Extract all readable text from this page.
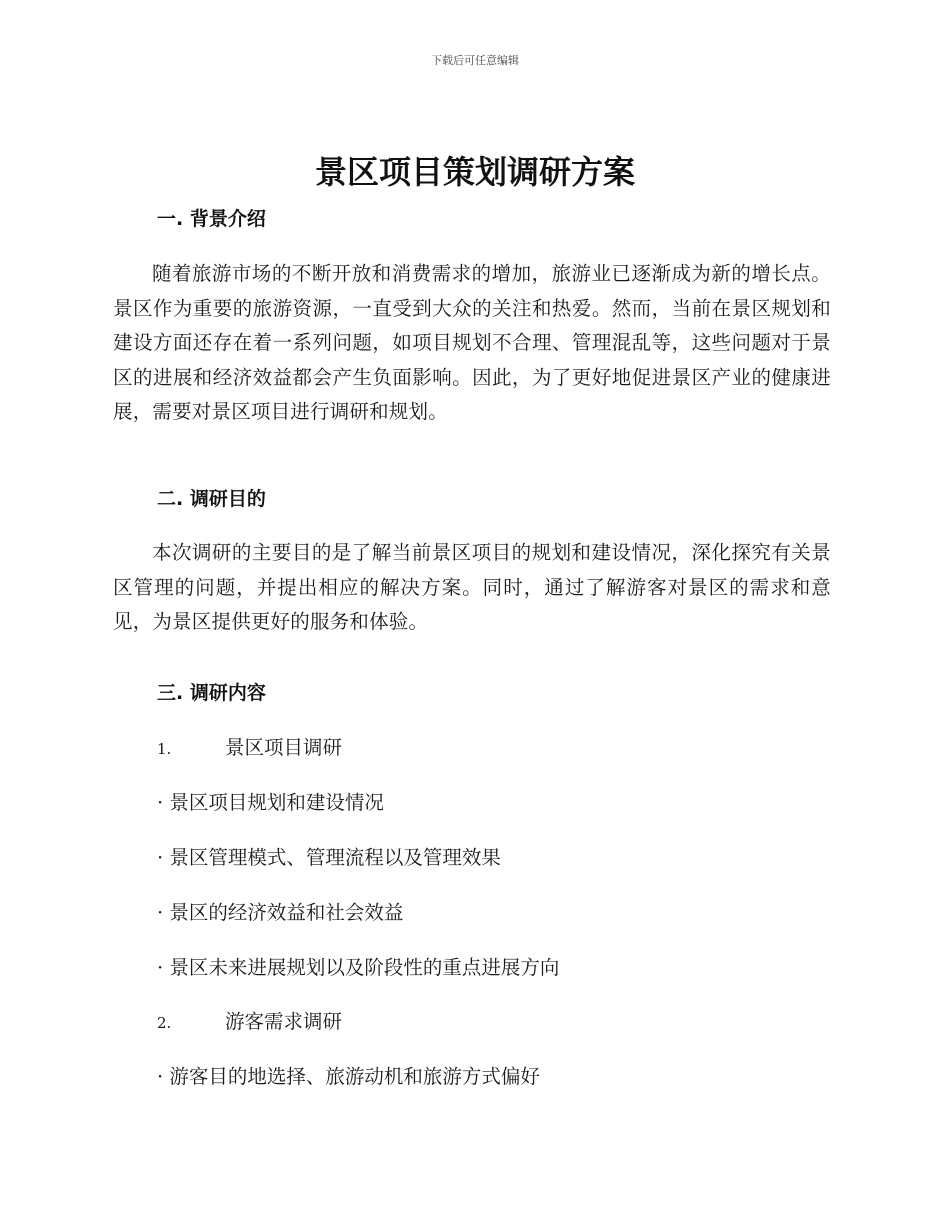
下载后可任意编辑
景区项目策划调研方案
一. 背景介绍

随着旅游市场的不断开放和消费需求的增加，旅游业已逐渐成为新的增长点。景区作为重要的旅游资源，一直受到大众的关注和热爱。然而，当前在景区规划和建设方面还存在着一系列问题，如项目规划不合理、管理混乱等，这些问题对于景区的进展和经济效益都会产生负面影响。因此，为了更好地促进景区产业的健康进展，需要对景区项目进行调研和规划。

二. 调研目的

本次调研的主要目的是了解当前景区项目的规划和建设情况，深化探究有关景区管理的问题，并提出相应的解决方案。同时，通过了解游客对景区的需求和意见，为景区提供更好的服务和体验。

三. 调研内容
1.	景区项目调研
· 景区项目规划和建设情况
· 景区管理模式、管理流程以及管理效果
· 景区的经济效益和社会效益
· 景区未来进展规划以及阶段性的重点进展方向
2.	游客需求调研
· 游客目的地选择、旅游动机和旅游方式偏好
